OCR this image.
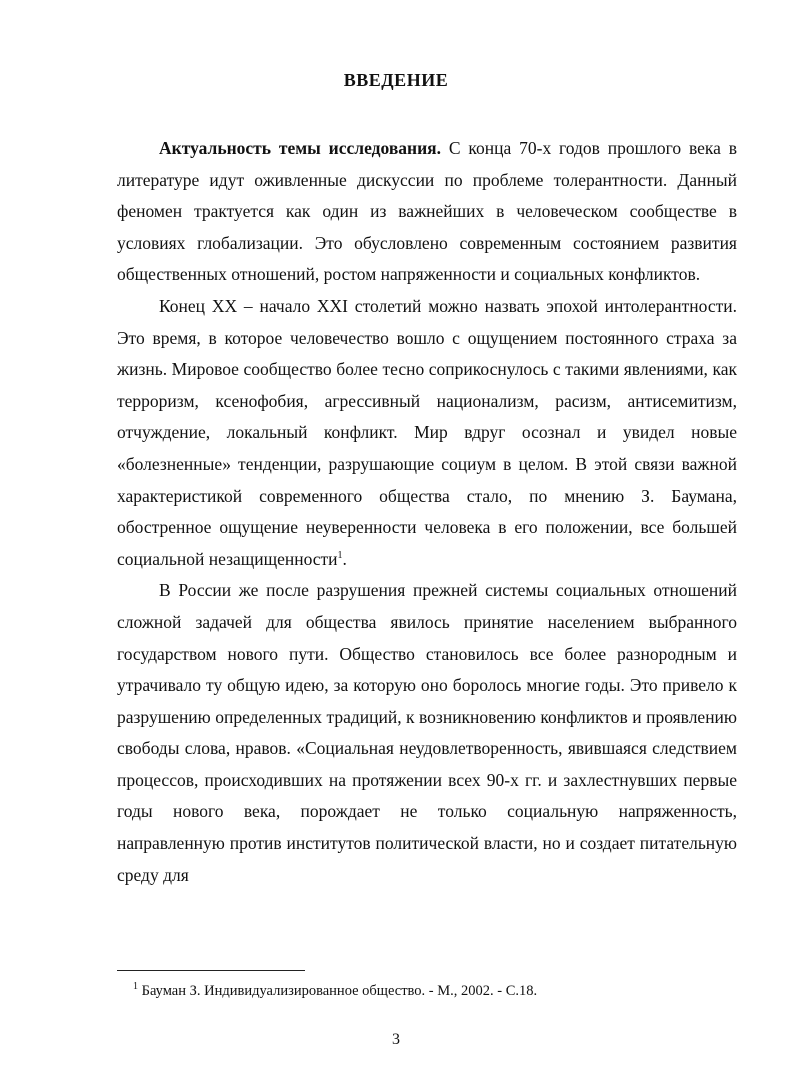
ВВЕДЕНИЕ

Актуальность темы исследования. С конца 70-х годов прошлого века в литературе идут оживленные дискуссии по проблеме толерантности. Данный феномен трактуется как один из важнейших в человеческом сообществе в условиях глобализации. Это обусловлено современным состоянием развития общественных отношений, ростом напряженности и социальных конфликтов.

Конец XX – начало XXI столетий можно назвать эпохой интолерантности. Это время, в которое человечество вошло с ощущением постоянного страха за жизнь. Мировое сообщество более тесно соприкоснулось с такими явлениями, как терроризм, ксенофобия, агрессивный национализм, расизм, антисемитизм, отчуждение, локальный конфликт. Мир вдруг осознал и увидел новые «болезненные» тенденции, разрушающие социум в целом. В этой связи важной характеристикой современного общества стало, по мнению З. Баумана, обостренное ощущение неуверенности человека в его положении, все большей социальной незащищенности$^1$.

В России же после разрушения прежней системы социальных отношений сложной задачей для общества явилось принятие населением выбранного государством нового пути. Общество становилось все более разнородным и утрачивало ту общую идею, за которую оно боролось многие годы. Это привело к разрушению определенных традиций, к возникновению конфликтов и проявлению свободы слова, нравов. «Социальная неудовлетворенность, явившаяся следствием процессов, происходивших на протяжении всех 90-х гг. и захлестнувших первые годы нового века, порождает не только социальную напряженность, направленную против институтов политической власти, но и создает питательную среду для

$^1$ Бауман З. Индивидуализированное общество. - М., 2002. - С.18.
3
